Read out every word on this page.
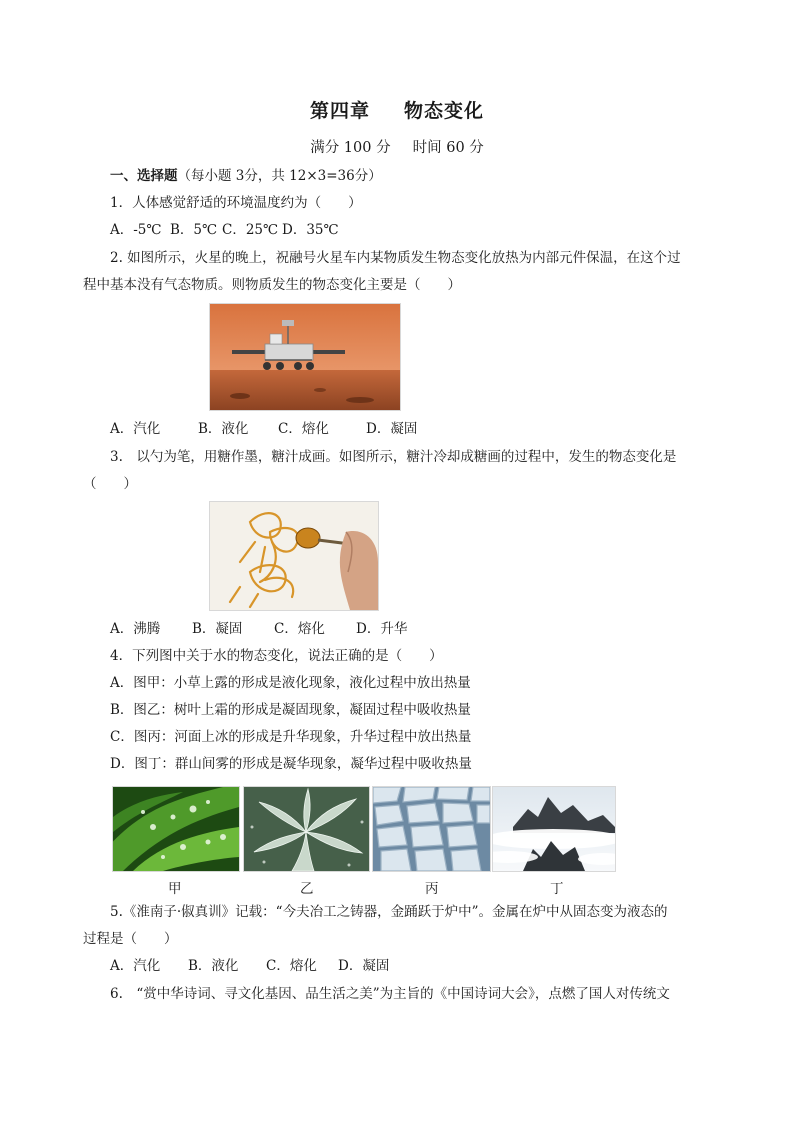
第四章 物态变化
满分 100 分 时间 60 分
一、选择题（每小题 3分，共 12×3=36分）
1．人体感觉舒适的环境温度约为（　　）
A．-5℃ B．5℃ C．25℃ D．35℃
2. 如图所示，火星的晚上，祝融号火星车内某物质发生物态变化放热为内部元件保温，在这个过
程中基本没有气态物质。则物质发生的物态变化主要是（　　）
A．汽化	B．液化 C．熔化	D．凝固
3.　以勺为笔，用糖作墨，糖汁成画。如图所示，糖汁冷却成糖画的过程中，发生的物态变化是
（　　）
A．沸腾 B．凝固 C．熔化 D．升华
4．下列图中关于水的物态变化，说法正确的是（　　）
A．图甲：小草上露的形成是液化现象，液化过程中放出热量
B．图乙：树叶上霜的形成是凝固现象，凝固过程中吸收热量
C．图丙：河面上冰的形成是升华现象，升华过程中放出热量
D．图丁：群山间雾的形成是凝华现象，凝华过程中吸收热量
甲	乙	丙	丁
5.《淮南子·俶真训》记载：“今夫冶工之铸器，金踊跃于炉中”。金属在炉中从固态变为液态的
过程是（　　）
A．汽化 B．液化 C．熔化 D．凝固
6.　“赏中华诗词、寻文化基因、品生活之美”为主旨的《中国诗词大会》，点燃了国人对传统文
